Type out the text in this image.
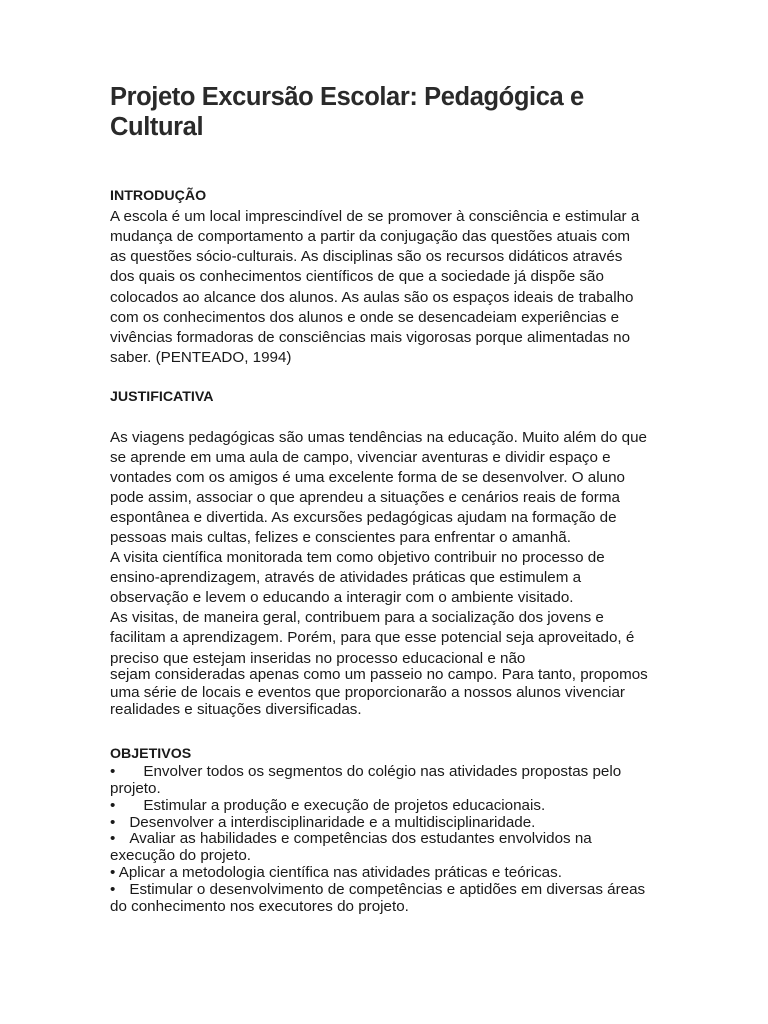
Projeto Excursão Escolar: Pedagógica e Cultural
INTRODUÇÃO
A escola é um local imprescindível de se promover à consciência e estimular a
mudança de comportamento a partir da conjugação das questões atuais com
as questões sócio-culturais. As disciplinas são os recursos didáticos através
dos quais os conhecimentos científicos de que a sociedade já dispõe são
colocados ao alcance dos alunos. As aulas são os espaços ideais de trabalho
com os conhecimentos dos alunos e onde se desencadeiam experiências e
vivências formadoras de consciências mais vigorosas porque alimentadas no
saber. (PENTEADO, 1994)
JUSTIFICATIVA
As viagens pedagógicas são umas tendências na educação. Muito além do que
se aprende em uma aula de campo, vivenciar aventuras e dividir espaço e
vontades com os amigos é uma excelente forma de se desenvolver. O aluno
pode assim, associar o que aprendeu a situações e cenários reais de forma
espontânea e divertida. As excursões pedagógicas ajudam na formação de
pessoas mais cultas, felizes e conscientes para enfrentar o amanhã.
A visita científica monitorada tem como objetivo contribuir no processo de
ensino-aprendizagem, através de atividades práticas que estimulem a
observação e levem o educando a interagir com o ambiente visitado.
As visitas, de maneira geral, contribuem para a socialização dos jovens e
facilitam a aprendizagem. Porém, para que esse potencial seja aproveitado, é
preciso que estejam inseridas no processo educacional e não
sejam consideradas apenas como um passeio no campo. Para tanto, propomos
uma série de locais e eventos que proporcionarão a nossos alunos vivenciar
realidades e situações diversificadas.
OBJETIVOS
• Envolver todos os segmentos do colégio nas atividades propostas pelo
projeto.
• Estimular a produção e execução de projetos educacionais.
• Desenvolver a interdisciplinaridade e a multidisciplinaridade.
• Avaliar as habilidades e competências dos estudantes envolvidos na
execução do projeto.
• Aplicar a metodologia científica nas atividades práticas e teóricas.
• Estimular o desenvolvimento de competências e aptidões em diversas áreas
do conhecimento nos executores do projeto.
